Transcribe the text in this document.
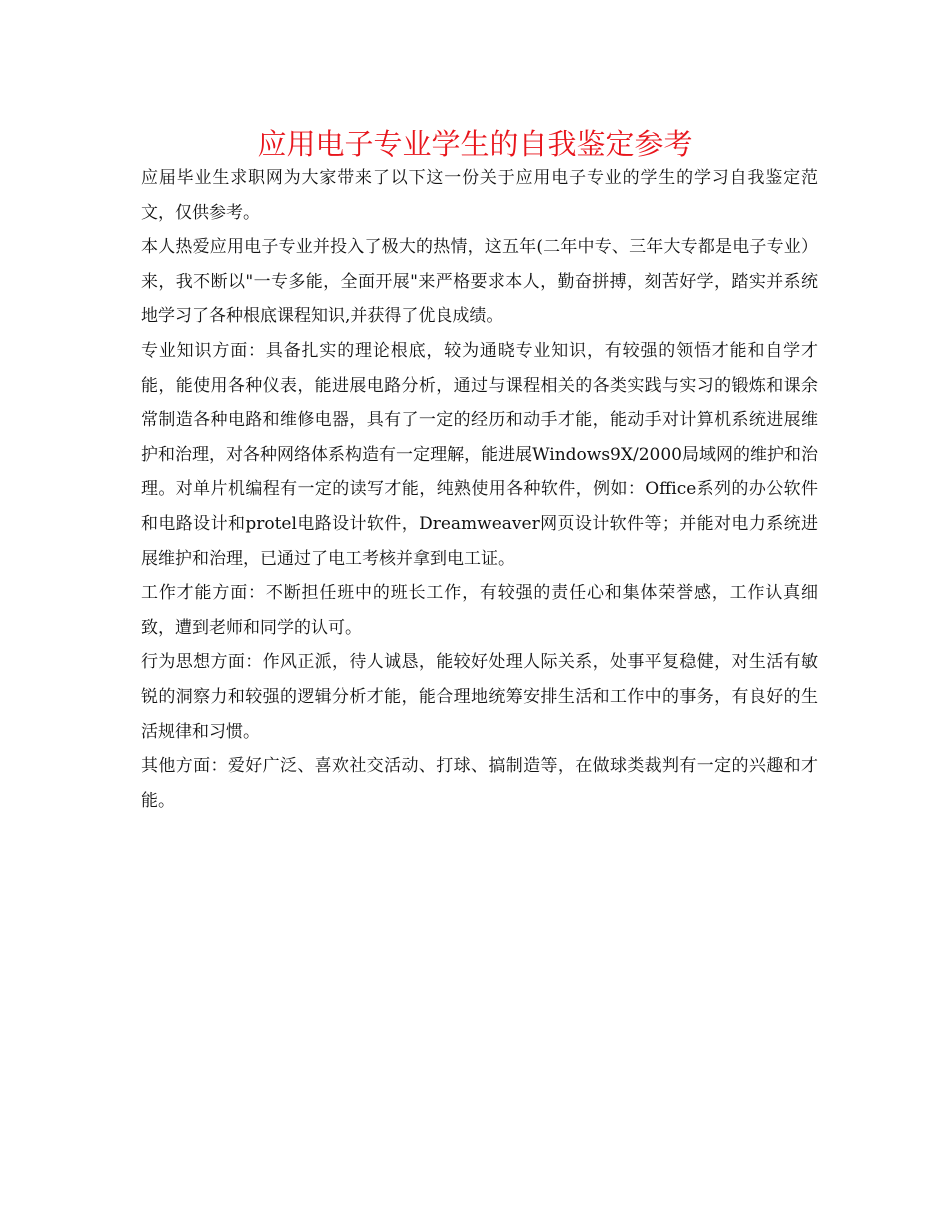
应用电子专业学生的自我鉴定参考

应届毕业生求职网为大家带来了以下这一份关于应用电子专业的学生的学习自我鉴定范文，仅供参考。

本人热爱应用电子专业并投入了极大的热情，这五年(二年中专、三年大专都是电子专业）来，我不断以"一专多能，全面开展"来严格要求本人，勤奋拼搏，刻苦好学，踏实并系统地学习了各种根底课程知识,并获得了优良成绩。

专业知识方面：具备扎实的理论根底，较为通晓专业知识，有较强的领悟才能和自学才能，能使用各种仪表，能进展电路分析，通过与课程相关的各类实践与实习的锻炼和课余常制造各种电路和维修电器，具有了一定的经历和动手才能，能动手对计算机系统进展维护和治理，对各种网络体系构造有一定理解，能进展Windows9X/2000局域网的维护和治理。对单片机编程有一定的读写才能，纯熟使用各种软件，例如：Office系列的办公软件和电路设计和protel电路设计软件，Dreamweaver网页设计软件等；并能对电力系统进展维护和治理，已通过了电工考核并拿到电工证。

工作才能方面：不断担任班中的班长工作，有较强的责任心和集体荣誉感，工作认真细致，遭到老师和同学的认可。

行为思想方面：作风正派，待人诚恳，能较好处理人际关系，处事平复稳健，对生活有敏锐的洞察力和较强的逻辑分析才能，能合理地统筹安排生活和工作中的事务，有良好的生活规律和习惯。

其他方面：爱好广泛、喜欢社交活动、打球、搞制造等，在做球类裁判有一定的兴趣和才能。
